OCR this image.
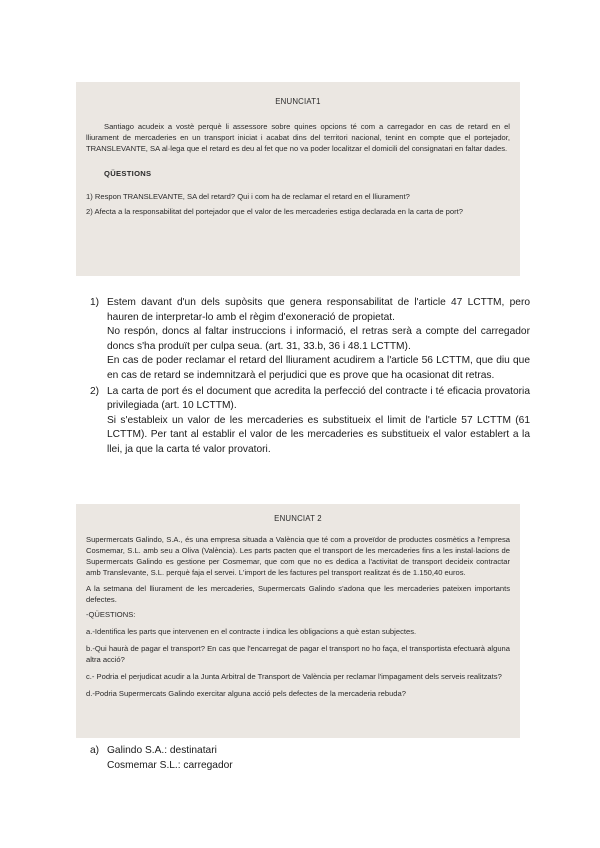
ENUNCIAT1

Santiago acudeix a vostè perquè li assessore sobre quines opcions té com a carregador en cas de retard en el lliurament de mercaderies en un transport iniciat i acabat dins del territori nacional, tenint en compte que el portejador, TRANSLEVANTE, SA al·lega que el retard es deu al fet que no va poder localitzar el domicili del consignatari en faltar dades.

QÜESTIONS

1) Respon TRANSLEVANTE, SA del retard? Qui i com ha de reclamar el retard en el lliurament?

2) Afecta a la responsabilitat del portejador que el valor de les mercaderies estiga declarada en la carta de port?

1) Estem davant d'un dels supòsits que genera responsabilitat de l'article 47 LCTTM, pero hauren de interpretar-lo amb el règim d'exoneració de propietat.

No respón, doncs al faltar instruccions i informació, el retras serà a compte del carregador doncs s'ha produït per culpa seua. (art. 31, 33.b, 36 i 48.1 LCTTM).

En cas de poder reclamar el retard del lliurament acudirem a l'article 56 LCTTM, que diu que en cas de retard se indemnitzarà el perjudici que es prove que ha ocasionat dit retras.

2) La carta de port és el document que acredita la perfecció del contracte i té eficacia provatoria privilegiada (art. 10 LCTTM).

Si s'estableix un valor de les mercaderies es substitueix el limit de l'article 57 LCTTM (61 LCTTM). Per tant al establir el valor de les mercaderies es substitueix el valor establert a la llei, ja que la carta té valor provatori.

ENUNCIAT 2

Supermercats Galindo, S.A., és una empresa situada a València que té com a proveïdor de productes cosmètics a l'empresa Cosmemar, S.L. amb seu a Oliva (València). Les parts pacten que el transport de les mercaderies fins a les instal·lacions de Supermercats Galindo es gestione per Cosmemar, que com que no es dedica a l'activitat de transport decideix contractar amb Translevante, S.L. perquè faja el servei. L'import de les factures pel transport realitzat és de 1.150,40 euros.

A la setmana del lliurament de les mercaderies, Supermercats Galindo s'adona que les mercaderies pateixen importants defectes.

-QÜESTIONS:

a.-Identifica les parts que intervenen en el contracte i indica les obligacions a què estan subjectes.

b.-Qui haurà de pagar el transport? En cas que l'encarregat de pagar el transport no ho faça, el transportista efectuarà alguna altra acció?

c.- Podria el perjudicat acudir a la Junta Arbitral de Transport de València per reclamar l'impagament dels serveis realitzats?

d.-Podria Supermercats Galindo exercitar alguna acció pels defectes de la mercaderia rebuda?

a) Galindo S.A.: destinatari

Cosmemar S.L.: carregador
